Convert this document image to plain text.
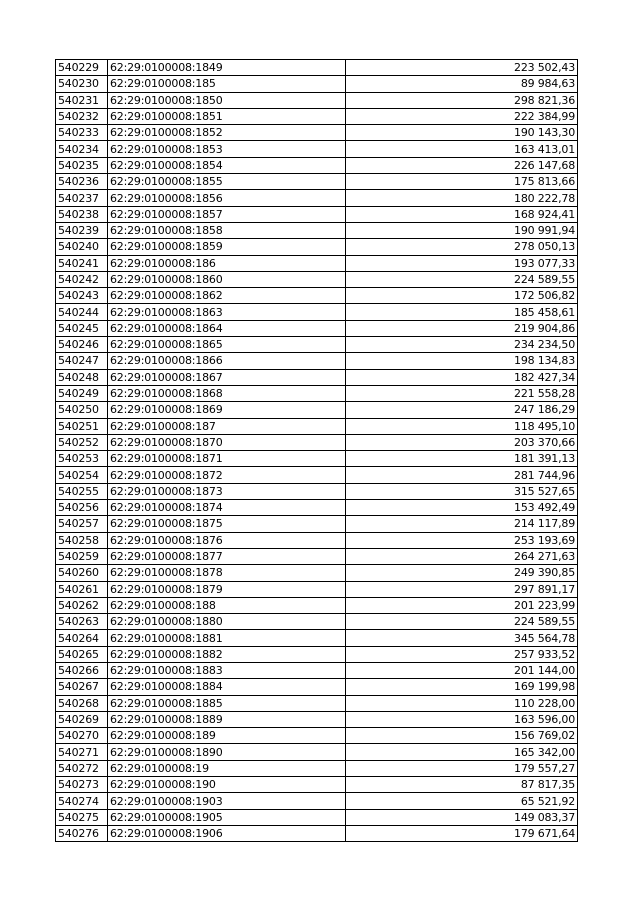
540229	62:29:0100008:1849	223 502,43
540230	62:29:0100008:185	89 984,63
540231	62:29:0100008:1850	298 821,36
540232	62:29:0100008:1851	222 384,99
540233	62:29:0100008:1852	190 143,30
540234	62:29:0100008:1853	163 413,01
540235	62:29:0100008:1854	226 147,68
540236	62:29:0100008:1855	175 813,66
540237	62:29:0100008:1856	180 222,78
540238	62:29:0100008:1857	168 924,41
540239	62:29:0100008:1858	190 991,94
540240	62:29:0100008:1859	278 050,13
540241	62:29:0100008:186	193 077,33
540242	62:29:0100008:1860	224 589,55
540243	62:29:0100008:1862	172 506,82
540244	62:29:0100008:1863	185 458,61
540245	62:29:0100008:1864	219 904,86
540246	62:29:0100008:1865	234 234,50
540247	62:29:0100008:1866	198 134,83
540248	62:29:0100008:1867	182 427,34
540249	62:29:0100008:1868	221 558,28
540250	62:29:0100008:1869	247 186,29
540251	62:29:0100008:187	118 495,10
540252	62:29:0100008:1870	203 370,66
540253	62:29:0100008:1871	181 391,13
540254	62:29:0100008:1872	281 744,96
540255	62:29:0100008:1873	315 527,65
540256	62:29:0100008:1874	153 492,49
540257	62:29:0100008:1875	214 117,89
540258	62:29:0100008:1876	253 193,69
540259	62:29:0100008:1877	264 271,63
540260	62:29:0100008:1878	249 390,85
540261	62:29:0100008:1879	297 891,17
540262	62:29:0100008:188	201 223,99
540263	62:29:0100008:1880	224 589,55
540264	62:29:0100008:1881	345 564,78
540265	62:29:0100008:1882	257 933,52
540266	62:29:0100008:1883	201 144,00
540267	62:29:0100008:1884	169 199,98
540268	62:29:0100008:1885	110 228,00
540269	62:29:0100008:1889	163 596,00
540270	62:29:0100008:189	156 769,02
540271	62:29:0100008:1890	165 342,00
540272	62:29:0100008:19	179 557,27
540273	62:29:0100008:190	87 817,35
540274	62:29:0100008:1903	65 521,92
540275	62:29:0100008:1905	149 083,37
540276	62:29:0100008:1906	179 671,64
